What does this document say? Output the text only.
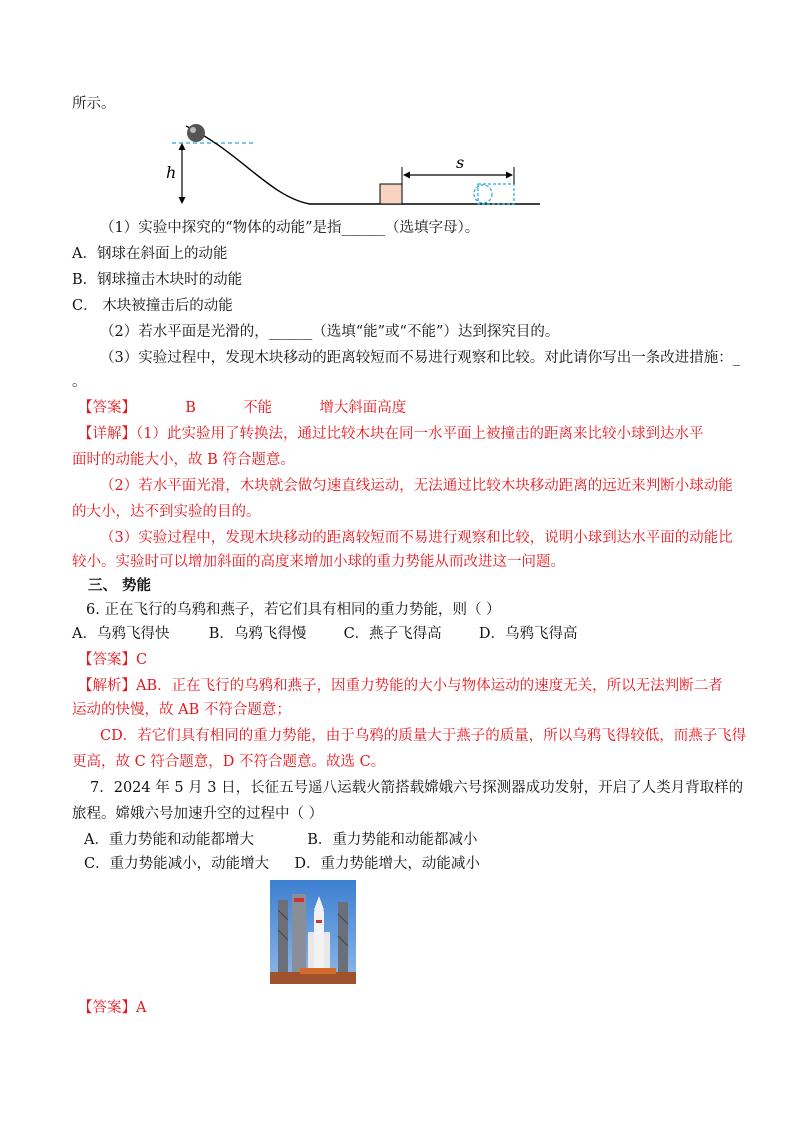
所示。
h
s
（1）实验中探究的“物体的动能”是指______（选填字母）。
A．钢球在斜面上的动能
B．钢球撞击木块时的动能
C． 木块被撞击后的动能
（2）若水平面是光滑的，______（选填“能”或“不能”）达到探究目的。
（3）实验过程中，发现木块移动的距离较短而不易进行观察和比较。对此请你写出一条改进措施：_
。
【答案】	B	不能	增大斜面高度
【详解】（1）此实验用了转换法，通过比较木块在同一水平面上被撞击的距离来比较小球到达水平
面时的动能大小，故 B 符合题意。
（2）若水平面光滑，木块就会做匀速直线运动，无法通过比较木块移动距离的远近来判断小球动能
的大小，达不到实验的目的。
（3）实验过程中，发现木块移动的距离较短而不易进行观察和比较，说明小球到达水平面的动能比
较小。实验时可以增加斜面的高度来增加小球的重力势能从而改进这一问题。
三、 势能
6. 正在飞行的乌鸦和燕子，若它们具有相同的重力势能，则（ ）
A．乌鸦飞得快	B．乌鸦飞得慢	C．燕子飞得高	D．乌鸦飞得高
【答案】C
【解析】AB．正在飞行的乌鸦和燕子，因重力势能的大小与物体运动的速度无关，所以无法判断二者
运动的快慢，故 AB 不符合题意；
CD．若它们具有相同的重力势能，由于乌鸦的质量大于燕子的质量，所以乌鸦飞得较低，而燕子飞得
更高，故 C 符合题意，D 不符合题意。故选 C。
7．2024 年 5 月 3 日，长征五号遥八运载火箭搭载嫦娥六号探测器成功发射，开启了人类月背取样的
旅程。嫦娥六号加速升空的过程中（ ）
A．重力势能和动能都增大	B．重力势能和动能都减小
C．重力势能减小，动能增大 D．重力势能增大，动能减小
【答案】A
